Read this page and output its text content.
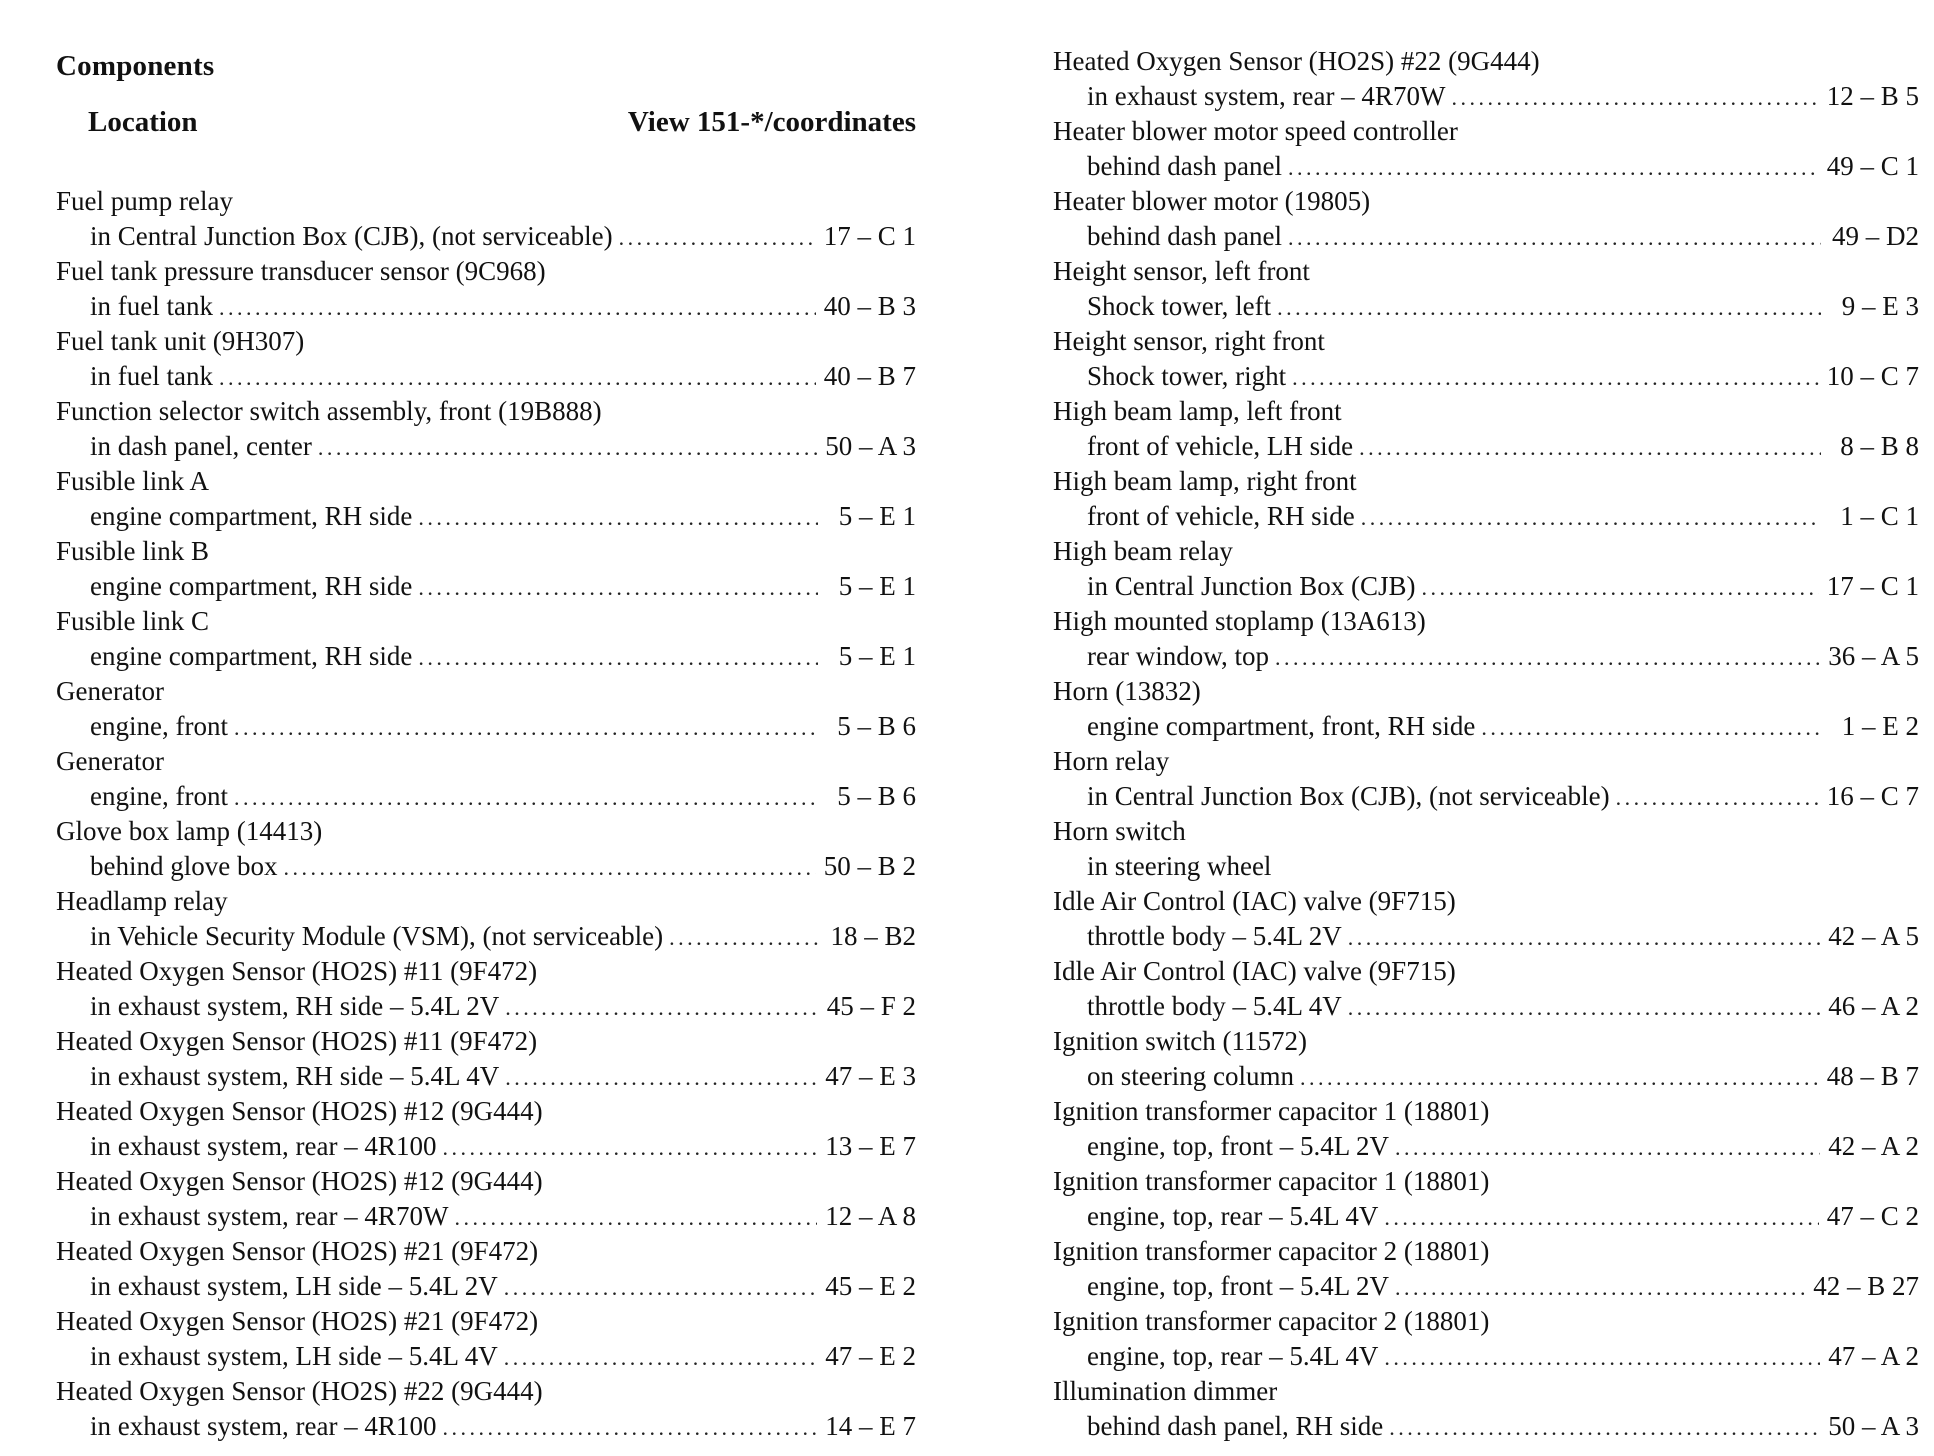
Components
Location	View 151-*/coordinates
Fuel pump relay
in Central Junction Box (CJB), (not serviceable) . . .	17 – C 1
Fuel tank pressure transducer sensor (9C968)
in fuel tank . . .	40 – B 3
Fuel tank unit (9H307)
in fuel tank . . .	40 – B 7
Function selector switch assembly, front (19B888)
in dash panel, center . . .	50 – A 3
Fusible link A
engine compartment, RH side . . .	5 – E 1
Fusible link B
engine compartment, RH side . . .	5 – E 1
Fusible link C
engine compartment, RH side . . .	5 – E 1
Generator
engine, front . . .	5 – B 6
Generator
engine, front . . .	5 – B 6
Glove box lamp (14413)
behind glove box . . .	50 – B 2
Headlamp relay
in Vehicle Security Module (VSM), (not serviceable) . . .	18 – B2
Heated Oxygen Sensor (HO2S) #11 (9F472)
in exhaust system, RH side – 5.4L 2V . . .	45 – F 2
Heated Oxygen Sensor (HO2S) #11 (9F472)
in exhaust system, RH side – 5.4L 4V . . .	47 – E 3
Heated Oxygen Sensor (HO2S) #12 (9G444)
in exhaust system, rear – 4R100 . . .	13 – E 7
Heated Oxygen Sensor (HO2S) #12 (9G444)
in exhaust system, rear – 4R70W . . .	12 – A 8
Heated Oxygen Sensor (HO2S) #21 (9F472)
in exhaust system, LH side – 5.4L 2V . . .	45 – E 2
Heated Oxygen Sensor (HO2S) #21 (9F472)
in exhaust system, LH side – 5.4L 4V . . .	47 – E 2
Heated Oxygen Sensor (HO2S) #22 (9G444)
in exhaust system, rear – 4R100 . . .	14 – E 7
Heated Oxygen Sensor (HO2S) #22 (9G444)
in exhaust system, rear – 4R70W . . .	12 – B 5
Heater blower motor speed controller
behind dash panel . . .	49 – C 1
Heater blower motor (19805)
behind dash panel . . .	49 – D2
Height sensor, left front
Shock tower, left . . .	9 – E 3
Height sensor, right front
Shock tower, right . . .	10 – C 7
High beam lamp, left front
front of vehicle, LH side . . .	8 – B 8
High beam lamp, right front
front of vehicle, RH side . . .	1 – C 1
High beam relay
in Central Junction Box (CJB) . . .	17 – C 1
High mounted stoplamp (13A613)
rear window, top . . .	36 – A 5
Horn (13832)
engine compartment, front, RH side . . .	1 – E 2
Horn relay
in Central Junction Box (CJB), (not serviceable) . . .	16 – C 7
Horn switch
in steering wheel
Idle Air Control (IAC) valve (9F715)
throttle body – 5.4L 2V . . .	42 – A 5
Idle Air Control (IAC) valve (9F715)
throttle body – 5.4L 4V . . .	46 – A 2
Ignition switch (11572)
on steering column . . .	48 – B 7
Ignition transformer capacitor 1 (18801)
engine, top, front – 5.4L 2V . . .	42 – A 2
Ignition transformer capacitor 1 (18801)
engine, top, rear – 5.4L 4V . . .	47 – C 2
Ignition transformer capacitor 2 (18801)
engine, top, front – 5.4L 2V . . .	42 – B 27
Ignition transformer capacitor 2 (18801)
engine, top, rear – 5.4L 4V . . .	47 – A 2
Illumination dimmer
behind dash panel, RH side . . .	50 – A 3
